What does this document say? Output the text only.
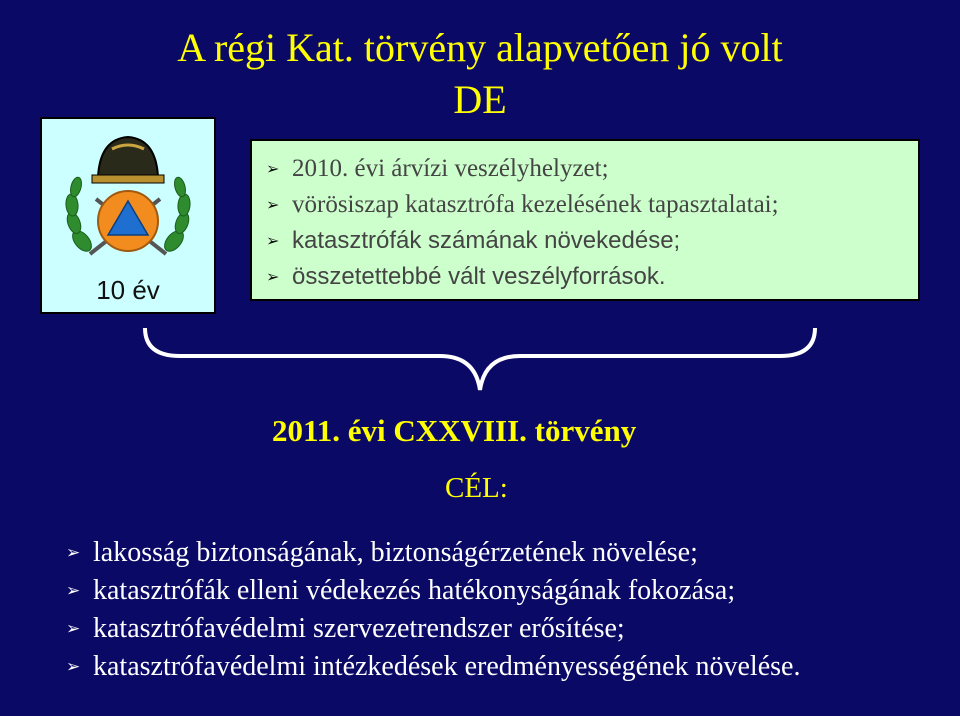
A régi Kat. törvény alapvetően jó volt
DE
10 év
➢ 2010. évi árvízi veszélyhelyzet;
➢ vörösiszap katasztrófa kezelésének tapasztalatai;
➢ katasztrófák számának növekedése;
➢ összetettebbé vált veszélyforrások.
2011. évi CXXVIII. törvény
CÉL:
➢ lakosság biztonságának, biztonságérzetének növelése;
➢ katasztrófák elleni védekezés hatékonyságának fokozása;
➢ katasztrófavédelmi szervezetrendszer erősítése;
➢ katasztrófavédelmi intézkedések eredményességének növelése.
